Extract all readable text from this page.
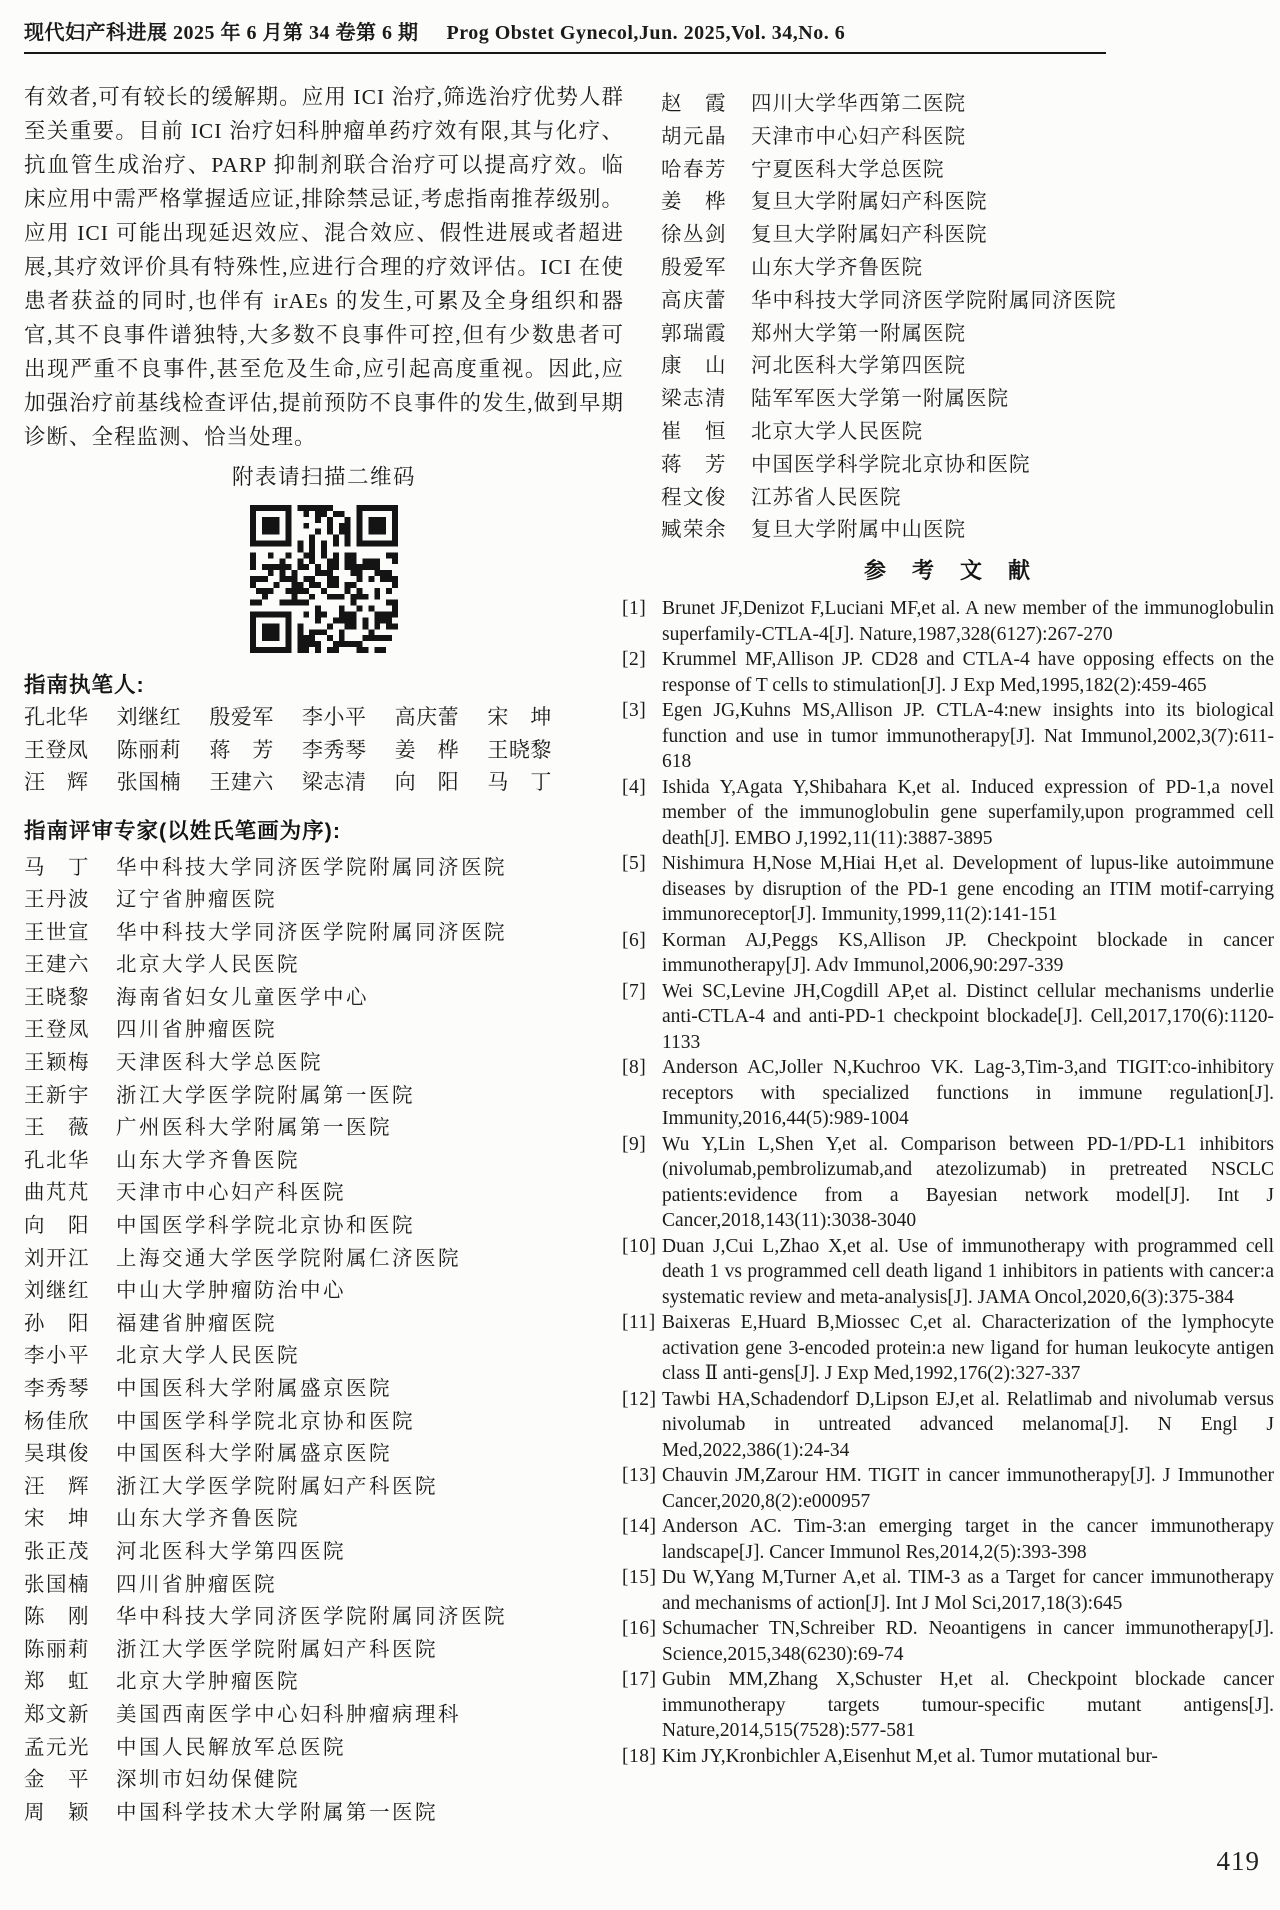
现代妇产科进展 2025 年 6 月第 34 卷第 6 期 Prog Obstet Gynecol,Jun. 2025,Vol. 34,No. 6
有效者,可有较长的缓解期。应用 ICI 治疗,筛选治疗优势人群至关重要。目前 ICI 治疗妇科肿瘤单药疗效有限,其与化疗、抗血管生成治疗、PARP 抑制剂联合治疗可以提高疗效。临床应用中需严格掌握适应证,排除禁忌证,考虑指南推荐级别。应用 ICI 可能出现延迟效应、混合效应、假性进展或者超进展,其疗效评价具有特殊性,应进行合理的疗效评估。ICI 在使患者获益的同时,也伴有 irAEs 的发生,可累及全身组织和器官,其不良事件谱独特,大多数不良事件可控,但有少数患者可出现严重不良事件,甚至危及生命,应引起高度重视。因此,应加强治疗前基线检查评估,提前预防不良事件的发生,做到早期诊断、全程监测、恰当处理。
附表请扫描二维码
指南执笔人:
孔北华	刘继红	殷爱军	李小平	高庆蕾	宋　坤
王登凤	陈丽莉	蒋　芳	李秀琴	姜　桦	王晓黎
汪　辉	张国楠	王建六	梁志清	向　阳	马　丁
指南评审专家(以姓氏笔画为序):
马　丁	华中科技大学同济医学院附属同济医院
王丹波	辽宁省肿瘤医院
王世宣	华中科技大学同济医学院附属同济医院
王建六	北京大学人民医院
王晓黎	海南省妇女儿童医学中心
王登凤	四川省肿瘤医院
王颖梅	天津医科大学总医院
王新宇	浙江大学医学院附属第一医院
王　薇	广州医科大学附属第一医院
孔北华	山东大学齐鲁医院
曲芃芃	天津市中心妇产科医院
向　阳	中国医学科学院北京协和医院
刘开江	上海交通大学医学院附属仁济医院
刘继红	中山大学肿瘤防治中心
孙　阳	福建省肿瘤医院
李小平	北京大学人民医院
李秀琴	中国医科大学附属盛京医院
杨佳欣	中国医学科学院北京协和医院
吴琪俊	中国医科大学附属盛京医院
汪　辉	浙江大学医学院附属妇产科医院
宋　坤	山东大学齐鲁医院
张正茂	河北医科大学第四医院
张国楠	四川省肿瘤医院
陈　刚	华中科技大学同济医学院附属同济医院
陈丽莉	浙江大学医学院附属妇产科医院
郑　虹	北京大学肿瘤医院
郑文新	美国西南医学中心妇科肿瘤病理科
孟元光	中国人民解放军总医院
金　平	深圳市妇幼保健院
周　颖	中国科学技术大学附属第一医院
赵　霞	四川大学华西第二医院
胡元晶	天津市中心妇产科医院
哈春芳	宁夏医科大学总医院
姜　桦	复旦大学附属妇产科医院
徐丛剑	复旦大学附属妇产科医院
殷爱军	山东大学齐鲁医院
高庆蕾	华中科技大学同济医学院附属同济医院
郭瑞霞	郑州大学第一附属医院
康　山	河北医科大学第四医院
梁志清	陆军军医大学第一附属医院
崔　恒	北京大学人民医院
蒋　芳	中国医学科学院北京协和医院
程文俊	江苏省人民医院
臧荣余	复旦大学附属中山医院
参　考　文　献
[1] Brunet JF,Denizot F,Luciani MF,et al. A new member of the immunoglobulin superfamily-CTLA-4[J]. Nature,1987,328(6127):267-270
[2] Krummel MF,Allison JP. CD28 and CTLA-4 have opposing effects on the response of T cells to stimulation[J]. J Exp Med,1995,182(2):459-465
[3] Egen JG,Kuhns MS,Allison JP. CTLA-4:new insights into its biological function and use in tumor immunotherapy[J]. Nat Immunol,2002,3(7):611-618
[4] Ishida Y,Agata Y,Shibahara K,et al. Induced expression of PD-1,a novel member of the immunoglobulin gene superfamily,upon programmed cell death[J]. EMBO J,1992,11(11):3887-3895
[5] Nishimura H,Nose M,Hiai H,et al. Development of lupus-like autoimmune diseases by disruption of the PD-1 gene encoding an ITIM motif-carrying immunoreceptor[J]. Immunity,1999,11(2):141-151
[6] Korman AJ,Peggs KS,Allison JP. Checkpoint blockade in cancer immunotherapy[J]. Adv Immunol,2006,90:297-339
[7] Wei SC,Levine JH,Cogdill AP,et al. Distinct cellular mechanisms underlie anti-CTLA-4 and anti-PD-1 checkpoint blockade[J]. Cell,2017,170(6):1120-1133
[8] Anderson AC,Joller N,Kuchroo VK. Lag-3,Tim-3,and TIGIT:co-inhibitory receptors with specialized functions in immune regulation[J]. Immunity,2016,44(5):989-1004
[9] Wu Y,Lin L,Shen Y,et al. Comparison between PD-1/PD-L1 inhibitors (nivolumab,pembrolizumab,and atezolizumab) in pretreated NSCLC patients:evidence from a Bayesian network model[J]. Int J Cancer,2018,143(11):3038-3040
[10] Duan J,Cui L,Zhao X,et al. Use of immunotherapy with programmed cell death 1 vs programmed cell death ligand 1 inhibitors in patients with cancer:a systematic review and meta-analysis[J]. JAMA Oncol,2020,6(3):375-384
[11] Baixeras E,Huard B,Miossec C,et al. Characterization of the lymphocyte activation gene 3-encoded protein:a new ligand for human leukocyte antigen class Ⅱ anti-gens[J]. J Exp Med,1992,176(2):327-337
[12] Tawbi HA,Schadendorf D,Lipson EJ,et al. Relatlimab and nivolumab versus nivolumab in untreated advanced melanoma[J]. N Engl J Med,2022,386(1):24-34
[13] Chauvin JM,Zarour HM. TIGIT in cancer immunotherapy[J]. J Immunother Cancer,2020,8(2):e000957
[14] Anderson AC. Tim-3:an emerging target in the cancer immunotherapy landscape[J]. Cancer Immunol Res,2014,2(5):393-398
[15] Du W,Yang M,Turner A,et al. TIM-3 as a Target for cancer immunotherapy and mechanisms of action[J]. Int J Mol Sci,2017,18(3):645
[16] Schumacher TN,Schreiber RD. Neoantigens in cancer immunotherapy[J]. Science,2015,348(6230):69-74
[17] Gubin MM,Zhang X,Schuster H,et al. Checkpoint blockade cancer immunotherapy targets tumour-specific mutant antigens[J]. Nature,2014,515(7528):577-581
[18] Kim JY,Kronbichler A,Eisenhut M,et al. Tumor mutational bur-
419
